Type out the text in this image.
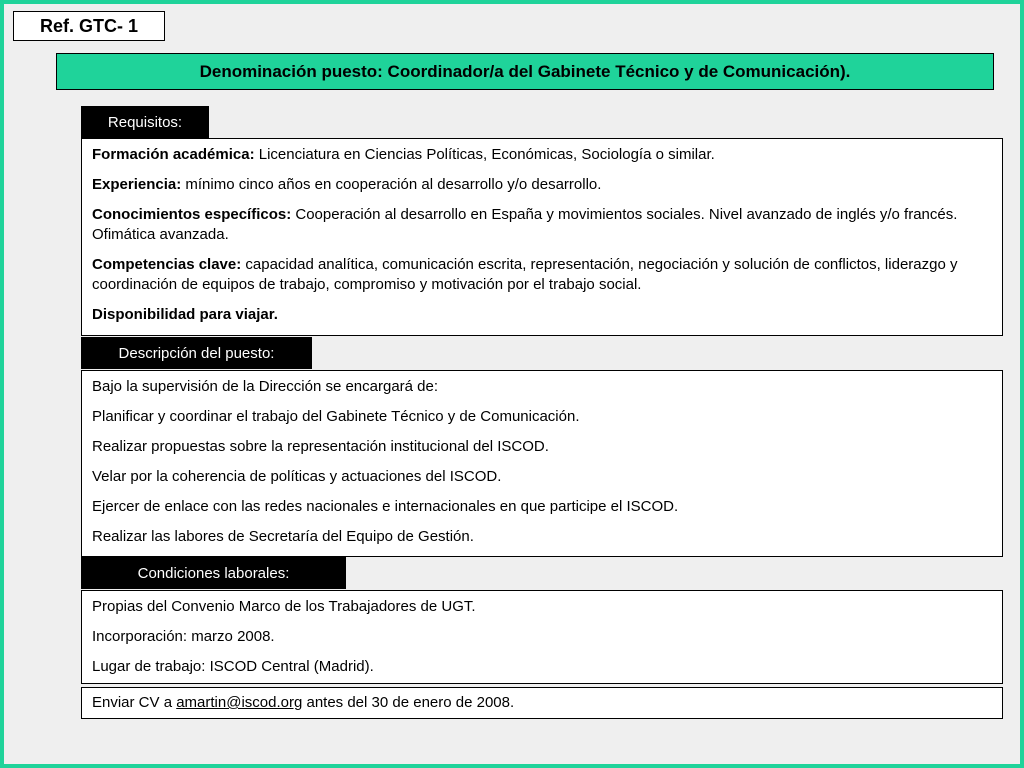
Ref. GTC- 1
Denominación puesto: Coordinador/a del Gabinete Técnico y de Comunicación).
Requisitos:

Formación académica: Licenciatura en Ciencias Políticas, Económicas, Sociología o similar.

Experiencia: mínimo cinco años en cooperación al desarrollo y/o desarrollo.

Conocimientos específicos: Cooperación al desarrollo en España y movimientos sociales. Nivel avanzado de inglés y/o francés. Ofimática avanzada.

Competencias clave: capacidad analítica, comunicación escrita, representación, negociación y solución de conflictos, liderazgo y coordinación de equipos de trabajo, compromiso y motivación por el trabajo social.

Disponibilidad para viajar.

Descripción del puesto:

Bajo la supervisión de la Dirección se encargará de:

Planificar y coordinar el trabajo del Gabinete Técnico y de Comunicación.

Realizar propuestas sobre la representación institucional del ISCOD.

Velar por la coherencia de políticas y actuaciones del ISCOD.

Ejercer de enlace con las redes nacionales e internacionales en que participe el ISCOD.

Realizar las labores de Secretaría del Equipo de Gestión.

Condiciones laborales:

Propias del Convenio Marco de los Trabajadores de UGT.

Incorporación: marzo 2008.

Lugar de trabajo: ISCOD Central (Madrid).

Enviar CV a amartin@iscod.org antes del 30 de enero de 2008.
